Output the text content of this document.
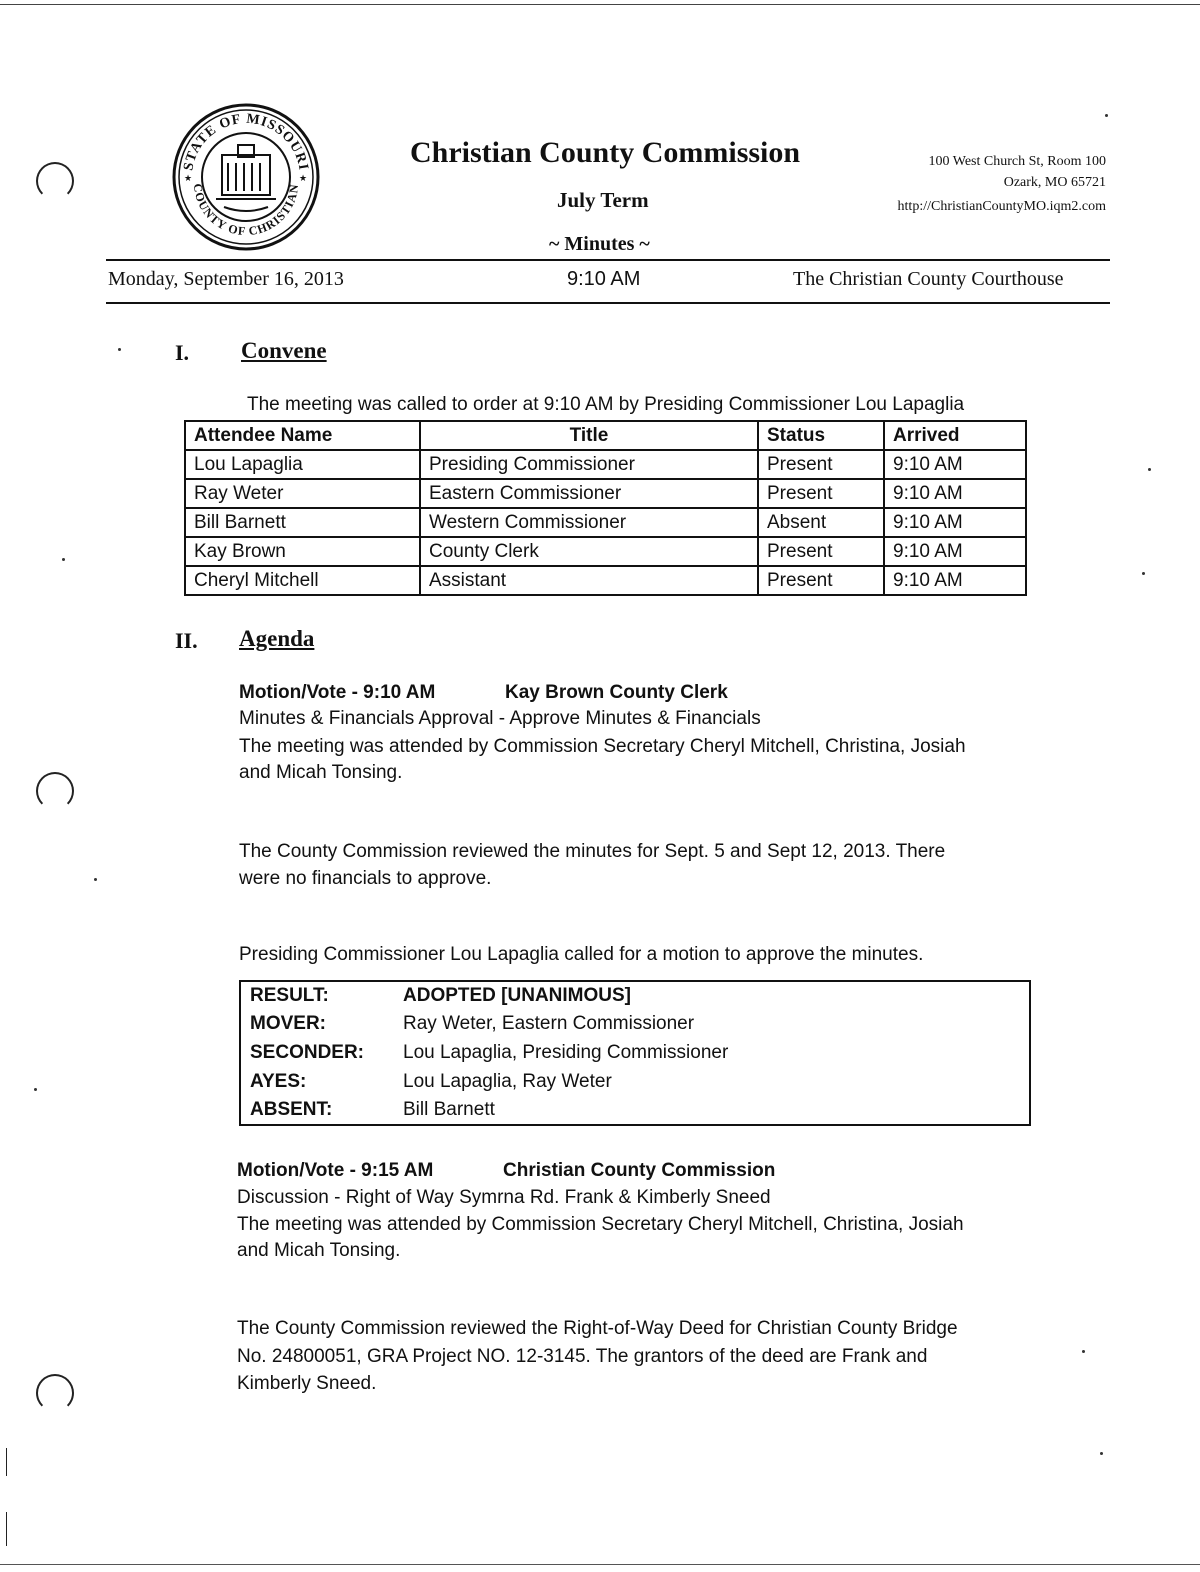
STATE OF MISSOURI
COUNTY OF CHRISTIAN
★	★
Christian County Commission
July Term
~ Minutes ~
100 West Church St, Room 100
Ozark, MO 65721
http://ChristianCountyMO.iqm2.com
Monday, September 16, 2013	9:10 AM	The Christian County Courthouse
I. Convene
The meeting was called to order at 9:10 AM by Presiding Commissioner Lou Lapaglia
Attendee Name	Title	Status	Arrived
Lou Lapaglia	Presiding Commissioner	Present	9:10 AM
Ray Weter	Eastern Commissioner	Present	9:10 AM
Bill Barnett	Western Commissioner	Absent	9:10 AM
Kay Brown	County Clerk	Present	9:10 AM
Cheryl Mitchell	Assistant	Present	9:10 AM
II. Agenda
Motion/Vote - 9:10 AM	Kay Brown County Clerk
Minutes & Financials Approval - Approve Minutes & Financials
The meeting was attended by Commission Secretary Cheryl Mitchell, Christina, Josiah
and Micah Tonsing.
The County Commission reviewed the minutes for Sept. 5 and Sept 12, 2013. There
were no financials to approve.
Presiding Commissioner Lou Lapaglia called for a motion to approve the minutes.
RESULT:	ADOPTED [UNANIMOUS]
MOVER:	Ray Weter, Eastern Commissioner
SECONDER: Lou Lapaglia, Presiding Commissioner
AYES:	Lou Lapaglia, Ray Weter
ABSENT:	Bill Barnett
Motion/Vote - 9:15 AM	Christian County Commission
Discussion - Right of Way Symrna Rd. Frank & Kimberly Sneed
The meeting was attended by Commission Secretary Cheryl Mitchell, Christina, Josiah
and Micah Tonsing.
The County Commission reviewed the Right-of-Way Deed for Christian County Bridge
No. 24800051, GRA Project NO. 12-3145. The grantors of the deed are Frank and
Kimberly Sneed.
